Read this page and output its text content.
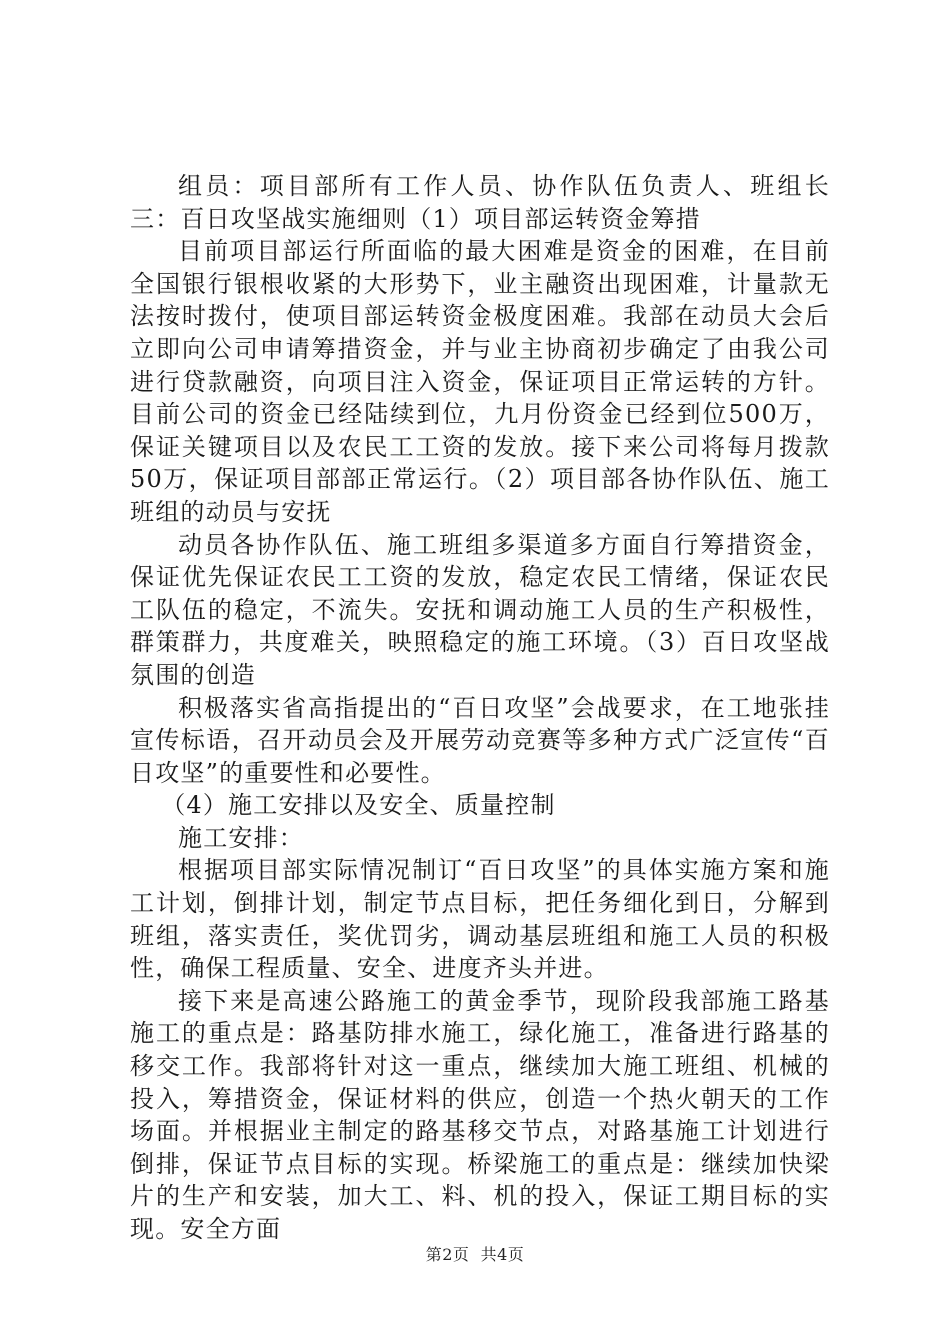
组员：项目部所有工作人员、协作队伍负责人、班组长三：百日攻坚战实施细则（1）项目部运转资金筹措

目前项目部运行所面临的最大困难是资金的困难，在目前全国银行银根收紧的大形势下，业主融资出现困难，计量款无法按时拨付，使项目部运转资金极度困难。我部在动员大会后立即向公司申请筹措资金，并与业主协商初步确定了由我公司进行贷款融资，向项目注入资金，保证项目正常运转的方针。目前公司的资金已经陆续到位，九月份资金已经到位500万，保证关键项目以及农民工工资的发放。接下来公司将每月拨款50万，保证项目部部正常运行。（2）项目部各协作队伍、施工班组的动员与安抚

动员各协作队伍、施工班组多渠道多方面自行筹措资金，保证优先保证农民工工资的发放，稳定农民工情绪，保证农民工队伍的稳定，不流失。安抚和调动施工人员的生产积极性，群策群力，共度难关，映照稳定的施工环境。（3）百日攻坚战氛围的创造

积极落实省高指提出的“百日攻坚”会战要求，在工地张挂宣传标语，召开动员会及开展劳动竞赛等多种方式广泛宣传“百日攻坚”的重要性和必要性。

（4）施工安排以及安全、质量控制

施工安排：

根据项目部实际情况制订“百日攻坚”的具体实施方案和施工计划，倒排计划，制定节点目标，把任务细化到日，分解到班组，落实责任，奖优罚劣，调动基层班组和施工人员的积极性，确保工程质量、安全、进度齐头并进。

接下来是高速公路施工的黄金季节，现阶段我部施工路基施工的重点是：路基防排水施工，绿化施工，准备进行路基的移交工作。我部将针对这一重点，继续加大施工班组、机械的投入，筹措资金，保证材料的供应，创造一个热火朝天的工作场面。并根据业主制定的路基移交节点，对路基施工计划进行倒排，保证节点目标的实现。桥梁施工的重点是：继续加快梁片的生产和安装，加大工、料、机的投入，保证工期目标的实现。安全方面

第2页  共4页
